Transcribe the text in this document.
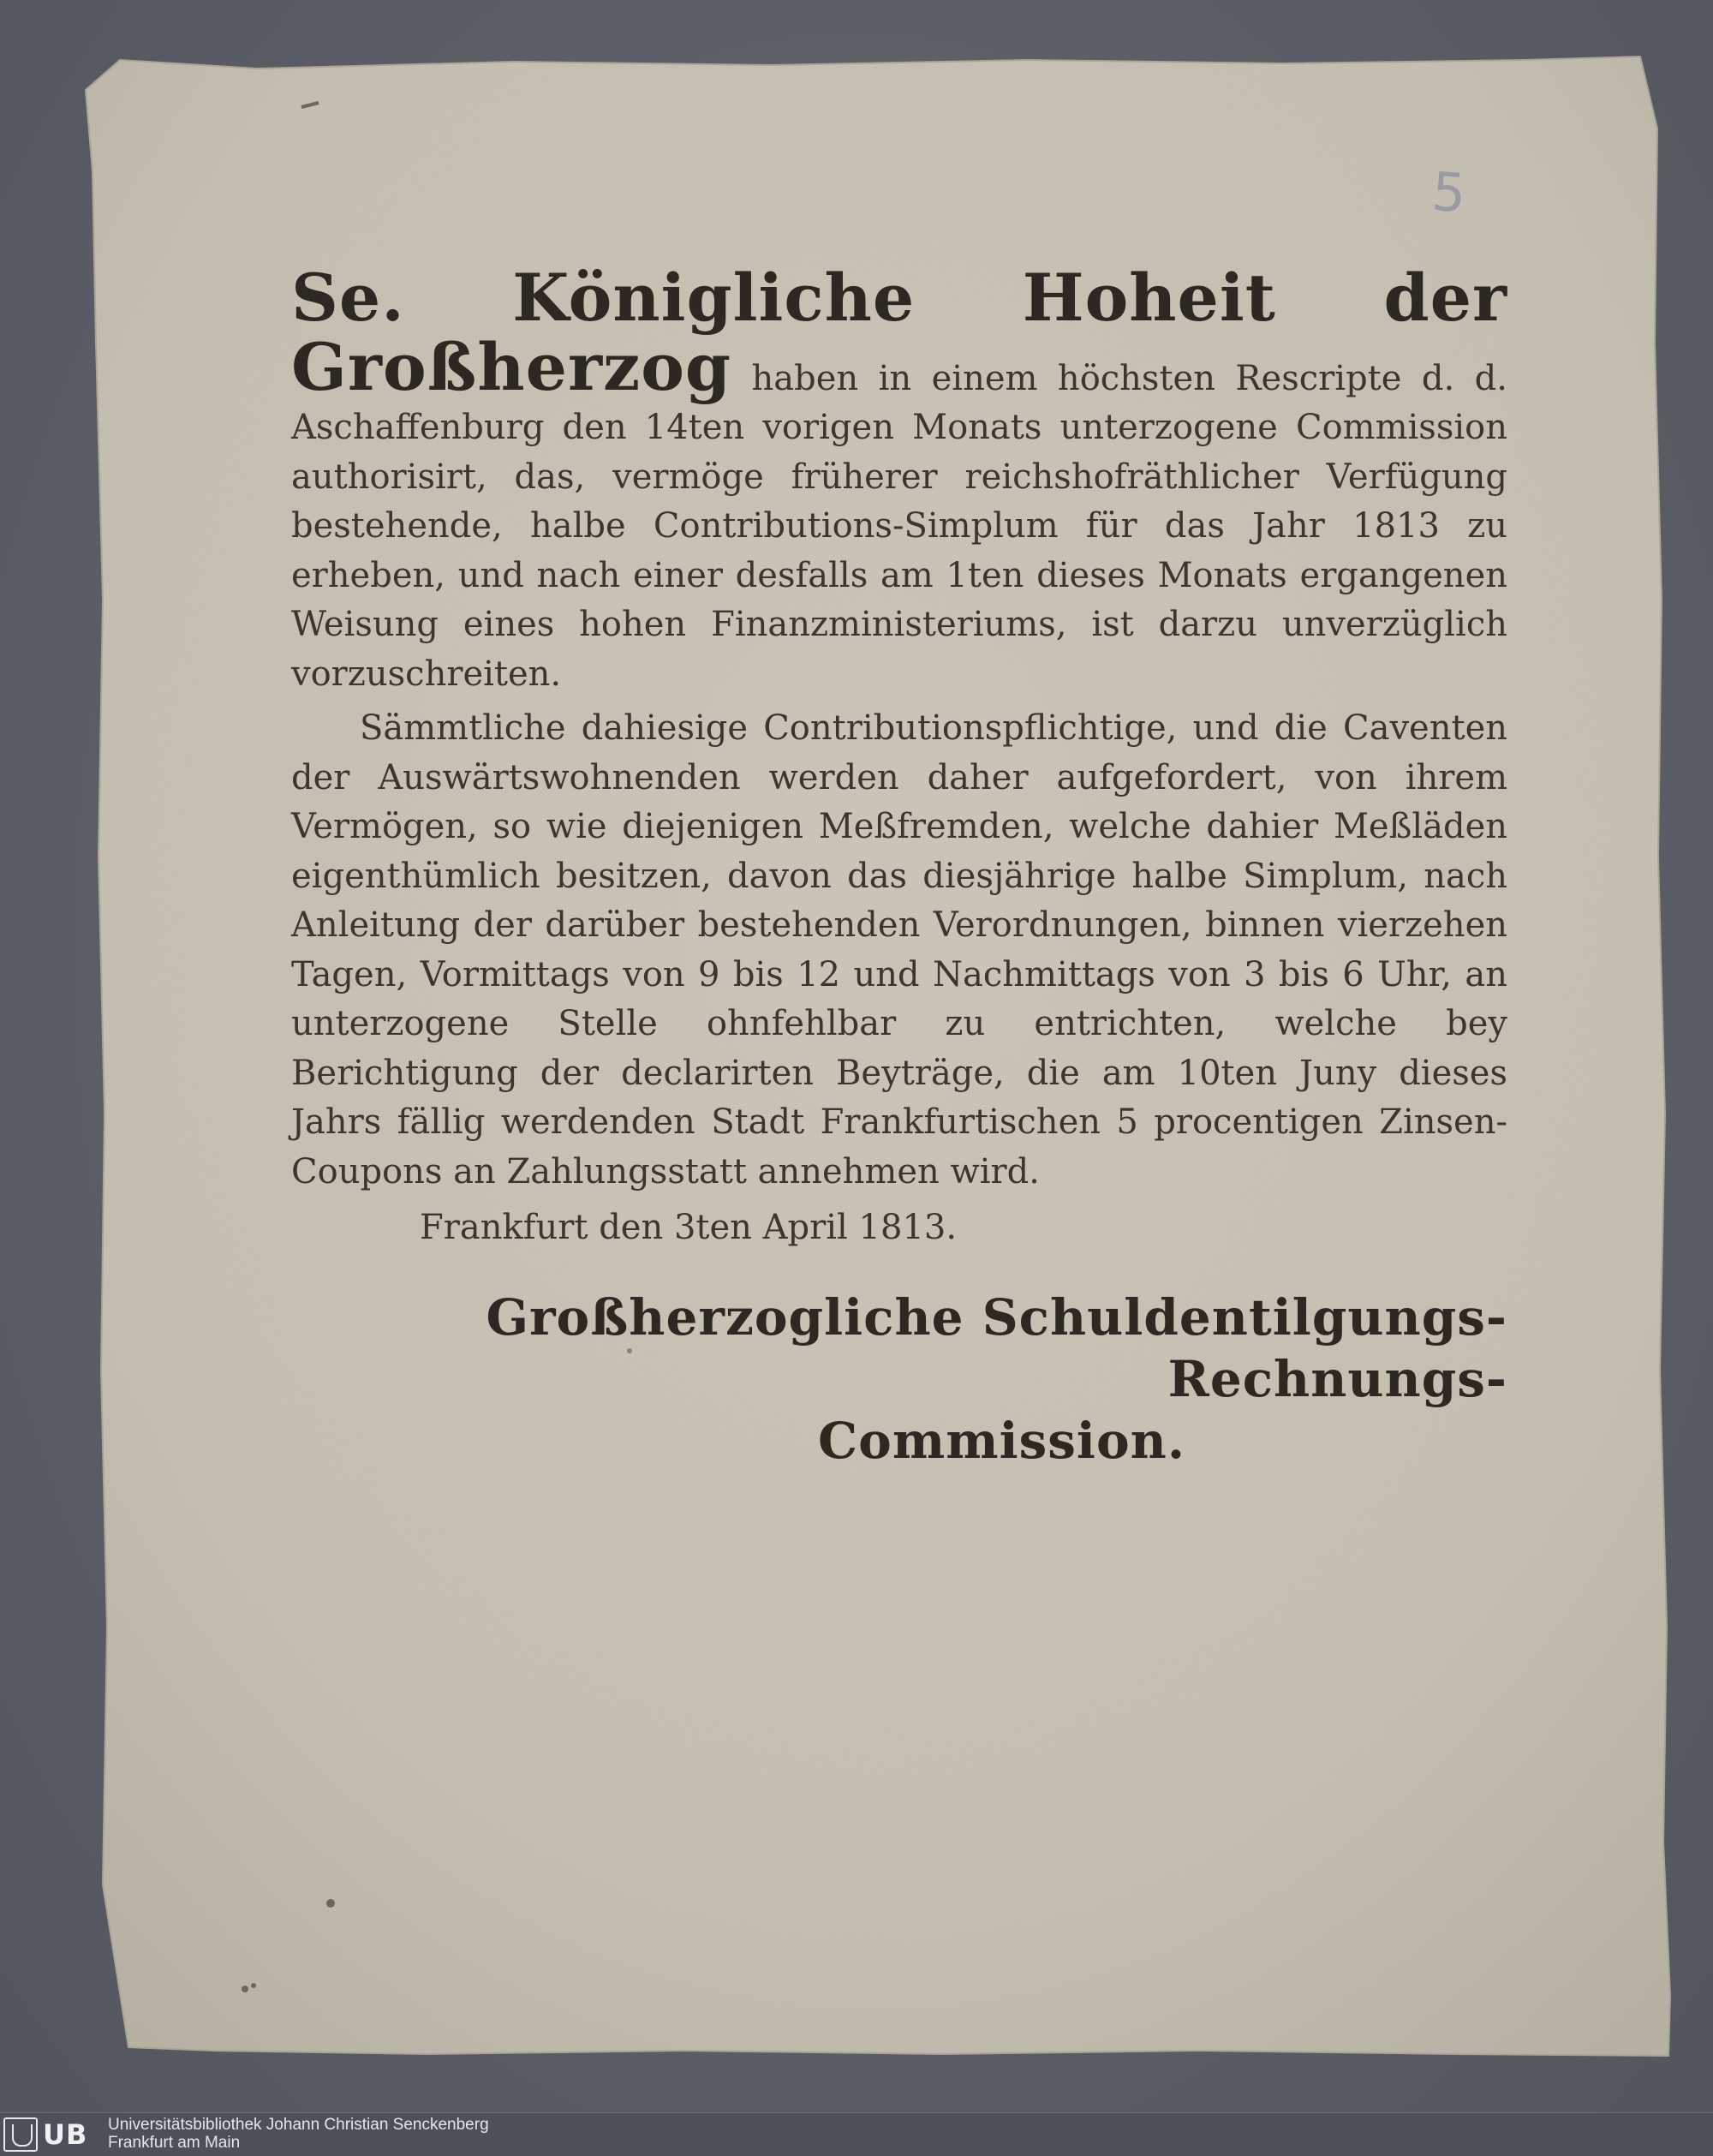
5

Se. Königliche Hoheit der Großherzog haben in einem höchsten Rescripte d. d. Aschaffenburg den 14ten vorigen Monats unterzogene Commission authorisirt, das, vermöge früherer reichshofräthlicher Verfügung bestehende, halbe Contributions-Simplum für das Jahr 1813 zu erheben, und nach einer desfalls am 1ten dieses Monats ergangenen Weisung eines hohen Finanzministeriums, ist darzu unverzüglich vorzuschreiten.

Sämmtliche dahiesige Contributionspflichtige, und die Caventen der Auswärtswohnenden werden daher aufgefordert, von ihrem Vermögen, so wie diejenigen Meßfremden, welche dahier Meßläden eigenthümlich besitzen, davon das diesjährige halbe Simplum, nach Anleitung der darüber bestehenden Verordnungen, binnen vierzehen Tagen, Vormittags von 9 bis 12 und Nachmittags von 3 bis 6 Uhr, an unterzogene Stelle ohnfehlbar zu entrichten, welche bey Berichtigung der declarirten Beyträge, die am 10ten Juny dieses Jahrs fällig werdenden Stadt Frankfurtischen 5 procentigen Zinsen-Coupons an Zahlungsstatt annehmen wird.

Frankfurt den 3ten April 1813.
Großherzogliche Schuldentilgungs-Rechnungs-
Commission.
UB Universitätsbibliothek Johann Christian Senckenberg
Frankfurt am Main
